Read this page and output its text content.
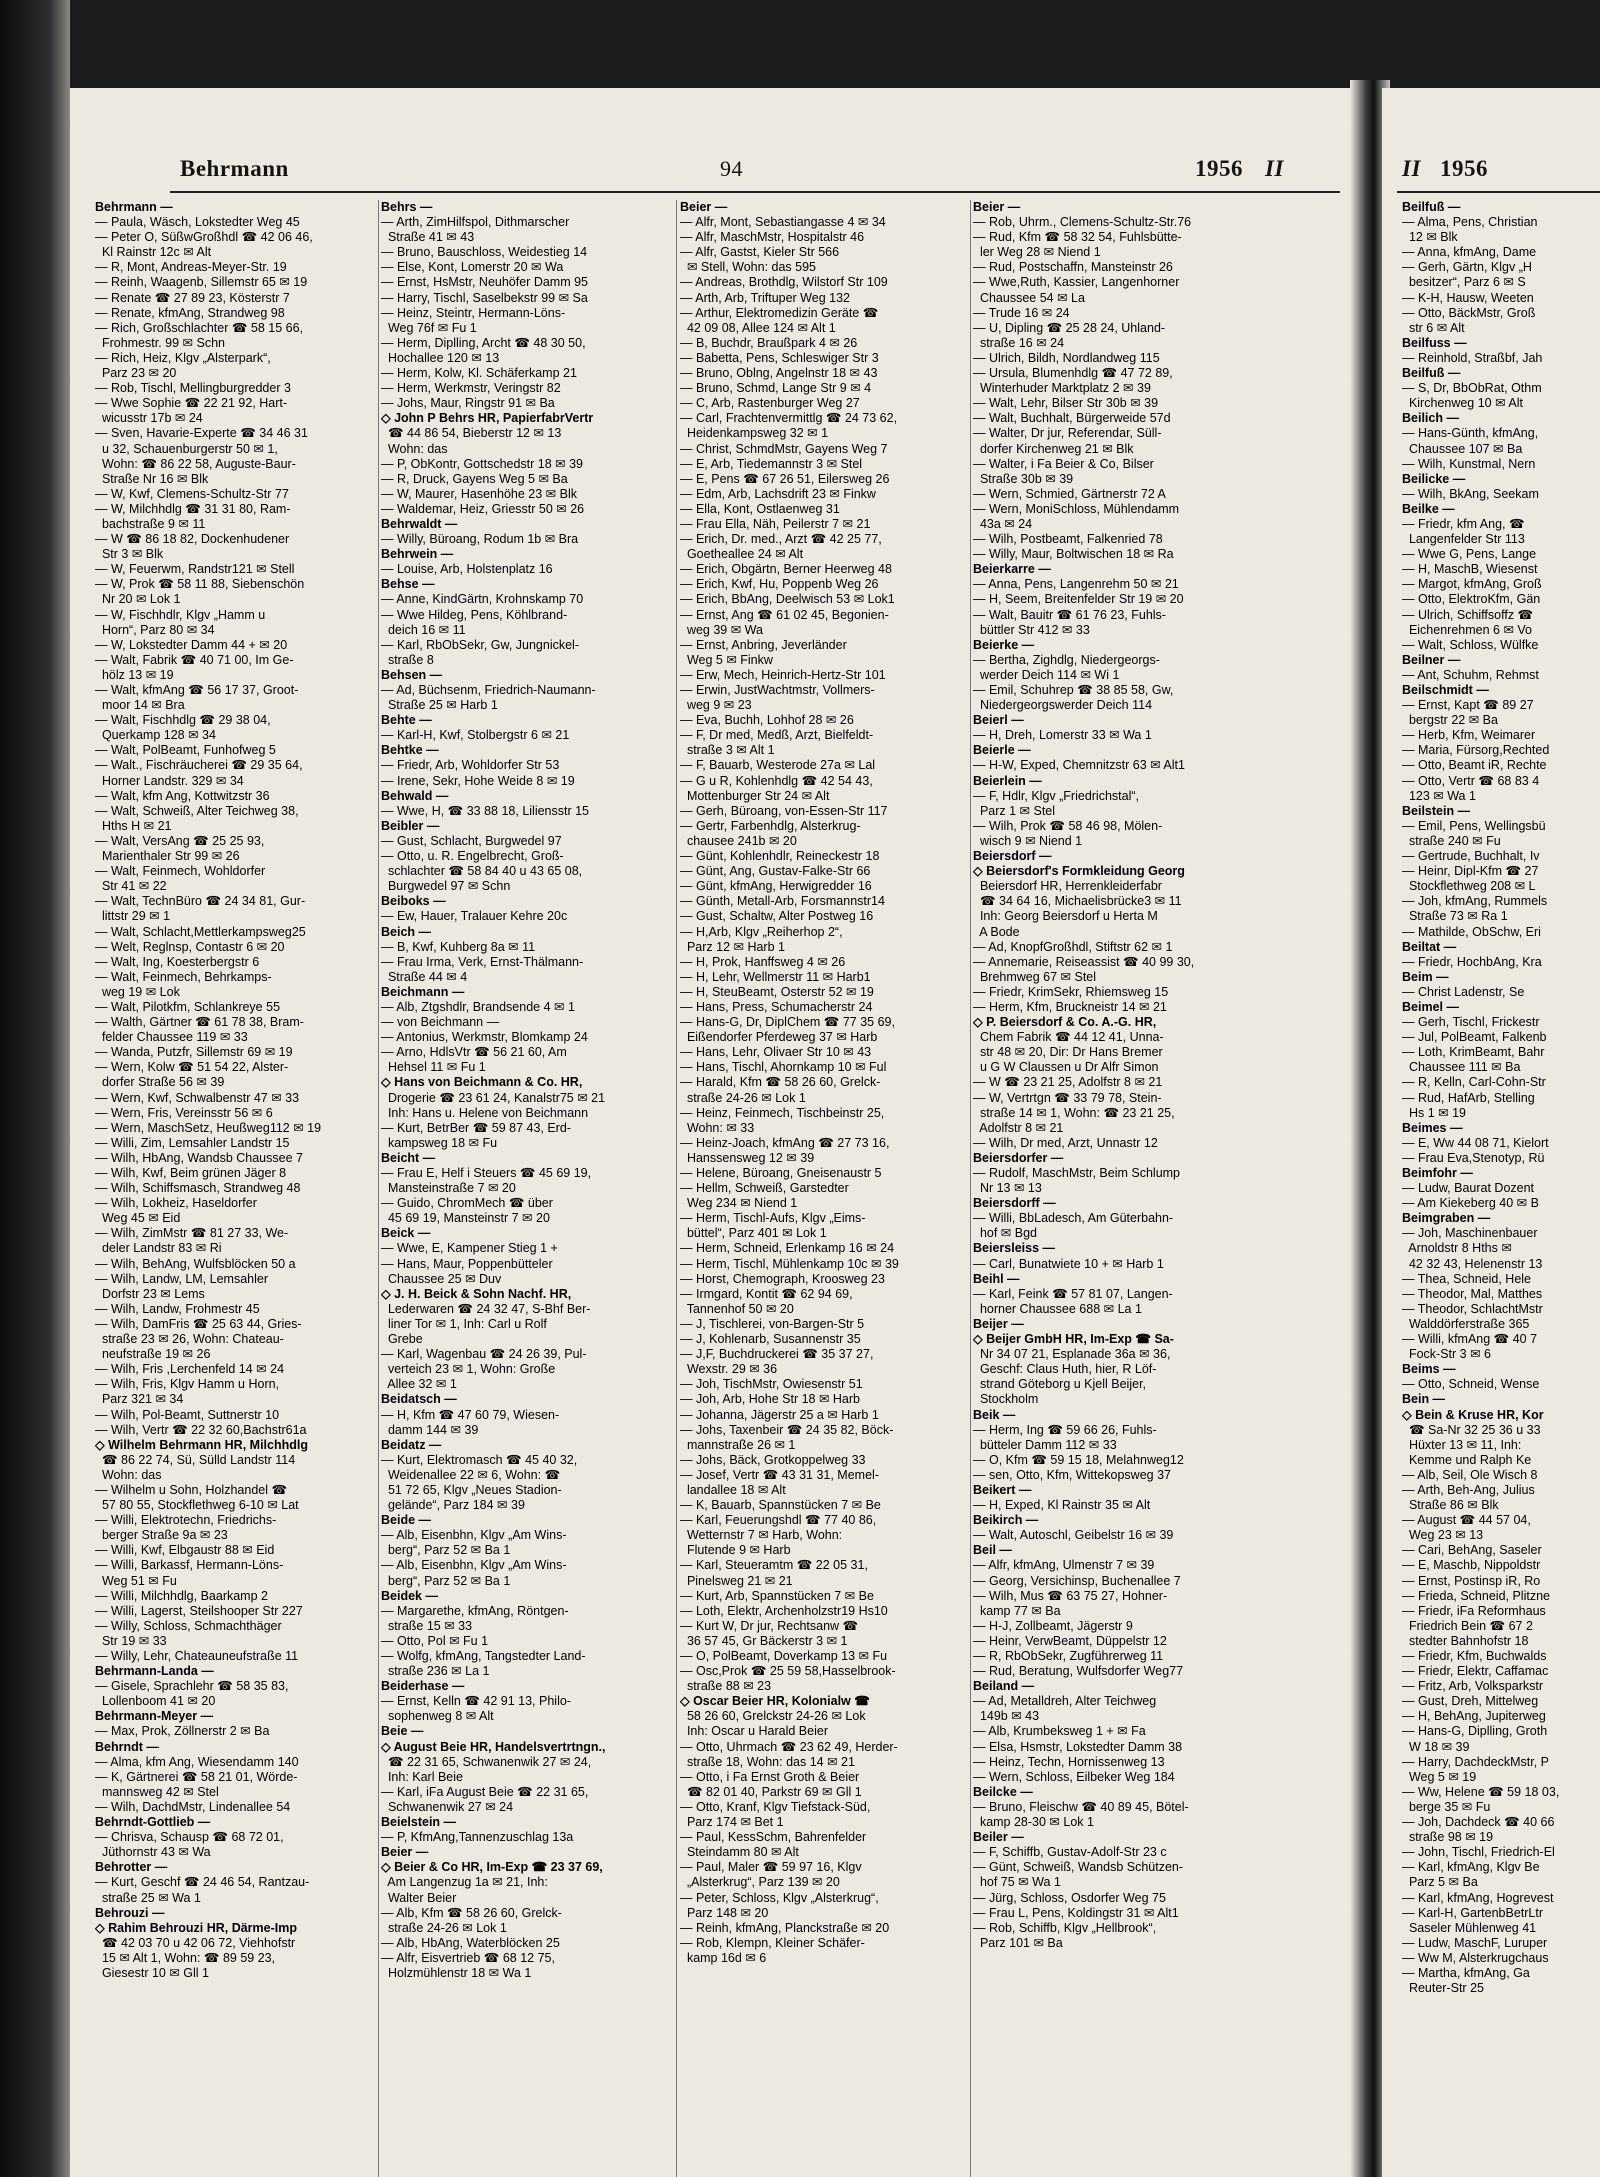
Behrmann	94	1956 II	II 1956
Behrmann —
— Paula, Wäsch, Lokstedter Weg 45
— Peter O, SüßwGroßhdl ☎ 42 06 46,
Kl Rainstr 12c ✉ Alt
— R, Mont, Andreas-Meyer-Str. 19
— Reinh, Waagenb, Sillemstr 65 ✉ 19
— Renate ☎ 27 89 23, Kösterstr 7
— Renate, kfmAng, Strandweg 98
— Rich, Großschlachter ☎ 58 15 66,
Frohmestr. 99 ✉ Schn
— Rich, Heiz, Klgv „Alsterpark“,
Parz 23 ✉ 20
— Rob, Tischl, Mellingburgredder 3
— Wwe Sophie ☎ 22 21 92, Hart-
wicusstr 17b ✉ 24
— Sven, Havarie-Experte ☎ 34 46 31
u 32, Schauenburgerstr 50 ✉ 1,
Wohn: ☎ 86 22 58, Auguste-Baur-
Straße Nr 16 ✉ Blk
— W, Kwf, Clemens-Schultz-Str 77
— W, Milchhdlg ☎ 31 31 80, Ram-
bachstraße 9 ✉ 11
— W ☎ 86 18 82, Dockenhudener
Str 3 ✉ Blk
— W, Feuerwm, Randstr121 ✉ Stell
— W, Prok ☎ 58 11 88, Siebenschön
Nr 20 ✉ Lok 1
— W, Fischhdlr, Klgv „Hamm u
Horn“, Parz 80 ✉ 34
— W, Lokstedter Damm 44 + ✉ 20
— Walt, Fabrik ☎ 40 71 00, Im Ge-
hölz 13 ✉ 19
— Walt, kfmAng ☎ 56 17 37, Groot-
moor 14 ✉ Bra
— Walt, Fischhdlg ☎ 29 38 04,
Querkamp 128 ✉ 34
— Walt, PolBeamt, Funhofweg 5
— Walt., Fischräucherei ☎ 29 35 64,
Horner Landstr. 329 ✉ 34
— Walt, kfm Ang, Kottwitzstr 36
— Walt, Schweiß, Alter Teichweg 38,
Hths H ✉ 21
— Walt, VersAng ☎ 25 25 93,
Marienthaler Str 99 ✉ 26
— Walt, Feinmech, Wohldorfer
Str 41 ✉ 22
— Walt, TechnBüro ☎ 24 34 81, Gur-
littstr 29 ✉ 1
— Walt, Schlacht,Mettlerkampsweg25
— Welt, Reglnsp, Contastr 6 ✉ 20
— Walt, Ing, Koesterbergstr 6
— Walt, Feinmech, Behrkamps-
weg 19 ✉ Lok
— Walt, Pilotkfm, Schlankreye 55
— Walth, Gärtner ☎ 61 78 38, Bram-
felder Chaussee 119 ✉ 33
— Wanda, Putzfr, Sillemstr 69 ✉ 19
— Wern, Kolw ☎ 51 54 22, Alster-
dorfer Straße 56 ✉ 39
— Wern, Kwf, Schwalbenstr 47 ✉ 33
— Wern, Fris, Vereinsstr 56 ✉ 6
— Wern, MaschSetz, Heußweg112 ✉ 19
— Willi, Zim, Lemsahler Landstr 15
— Wilh, HbAng, Wandsb Chaussee 7
— Wilh, Kwf, Beim grünen Jäger 8
— Wilh, Schiffsmasch, Strandweg 48
— Wilh, Lokheiz, Haseldorfer
Weg 45 ✉ Eid
— Wilh, ZimMstr ☎ 81 27 33, We-
deler Landstr 83 ✉ Ri
— Wilh, BehAng, Wulfsblöcken 50 a
— Wilh, Landw, LM, Lemsahler
Dorfstr 23 ✉ Lems
— Wilh, Landw, Frohmestr 45
— Wilh, DamFris ☎ 25 63 44, Gries-
straße 23 ✉ 26, Wohn: Chateau-
neufstraße 19 ✉ 26
— Wilh, Fris ,Lerchenfeld 14 ✉ 24
— Wilh, Fris, Klgv Hamm u Horn,
Parz 321 ✉ 34
— Wilh, Pol-Beamt, Suttnerstr 10
— Wilh, Vertr ☎ 22 32 60,Bachstr61a
◇ Wilhelm Behrmann HR, Milchhdlg
☎ 86 22 74, Sü, Sülld Landstr 114
Wohn: das
— Wilhelm u Sohn, Holzhandel ☎
57 80 55, Stockflethweg 6-10 ✉ Lat
— Willi, Elektrotechn, Friedrichs-
berger Straße 9a ✉ 23
— Willi, Kwf, Elbgaustr 88 ✉ Eid
— Willi, Barkassf, Hermann-Löns-
Weg 51 ✉ Fu
— Willi, Milchhdlg, Baarkamp 2
— Willi, Lagerst, Steilshooper Str 227
— Willy, Schloss, Schmachthäger
Str 19 ✉ 33
— Willy, Lehr, Chateauneufstraße 11
Behrmann-Landa —
— Gisele, Sprachlehr ☎ 58 35 83,
Lollenboom 41 ✉ 20
Behrmann-Meyer —
— Max, Prok, Zöllnerstr 2 ✉ Ba
Behrndt —
— Alma, kfm Ang, Wiesendamm 140
— K, Gärtnerei ☎ 58 21 01, Wörde-
mannsweg 42 ✉ Stel
— Wilh, DachdMstr, Lindenallee 54
Behrndt-Gottlieb —
— Chrisva, Schausp ☎ 68 72 01,
Jüthornstr 43 ✉ Wa
Behrotter —
— Kurt, Geschf ☎ 24 46 54, Rantzau-
straße 25 ✉ Wa 1
Behrouzi —
◇ Rahim Behrouzi HR, Därme-Imp
☎ 42 03 70 u 42 06 72, Viehhofstr
15 ✉ Alt 1, Wohn: ☎ 89 59 23,
Giesestr 10 ✉ Gll 1
Behrs —
— Arth, ZimHilfspol, Dithmarscher
Straße 41 ✉ 43
— Bruno, Bauschloss, Weidestieg 14
— Else, Kont, Lomerstr 20 ✉ Wa
— Ernst, HsMstr, Neuhöfer Damm 95
— Harry, Tischl, Saselbekstr 99 ✉ Sa
— Heinz, Steintr, Hermann-Löns-
Weg 76f ✉ Fu 1
— Herm, Diplling, Archt ☎ 48 30 50,
Hochallee 120 ✉ 13
— Herm, Kolw, Kl. Schäferkamp 21
— Herm, Werkmstr, Veringstr 82
— Johs, Maur, Ringstr 91 ✉ Ba
◇ John P Behrs HR, PapierfabrVertr
☎ 44 86 54, Bieberstr 12 ✉ 13
Wohn: das
— P, ObKontr, Gottschedstr 18 ✉ 39
— R, Druck, Gayens Weg 5 ✉ Ba
— W, Maurer, Hasenhöhe 23 ✉ Blk
— Waldemar, Heiz, Griesstr 50 ✉ 26
Behrwaldt —
— Willy, Büroang, Rodum 1b ✉ Bra
Behrwein —
— Louise, Arb, Holstenplatz 16
Behse —
— Anne, KindGärtn, Krohnskamp 70
— Wwe Hildeg, Pens, Köhlbrand-
deich 16 ✉ 11
— Karl, RbObSekr, Gw, Jungnickel-
straße 8
Behsen —
— Ad, Büchsenm, Friedrich-Naumann-
Straße 25 ✉ Harb 1
Behte —
— Karl-H, Kwf, Stolbergstr 6 ✉ 21
Behtke —
— Friedr, Arb, Wohldorfer Str 53
— Irene, Sekr, Hohe Weide 8 ✉ 19
Behwald —
— Wwe, H, ☎ 33 88 18, Liliensstr 15
Beibler —
— Gust, Schlacht, Burgwedel 97
— Otto, u. R. Engelbrecht, Groß-
schlachter ☎ 58 84 40 u 43 65 08,
Burgwedel 97 ✉ Schn
Beiboks —
— Ew, Hauer, Tralauer Kehre 20c
Beich —
— B, Kwf, Kuhberg 8a ✉ 11
— Frau Irma, Verk, Ernst-Thälmann-
Straße 44 ✉ 4
Beichmann —
— Alb, Ztgshdlr, Brandsende 4 ✉ 1
— von Beichmann —
— Antonius, Werkmstr, Blomkamp 24
— Arno, HdlsVtr ☎ 56 21 60, Am
Hehsel 11 ✉ Fu 1
◇ Hans von Beichmann & Co. HR,
Drogerie ☎ 23 61 24, Kanalstr75 ✉ 21
Inh: Hans u. Helene von Beichmann
— Kurt, BetrBer ☎ 59 87 43, Erd-
kampsweg 18 ✉ Fu
Beicht —
— Frau E, Helf i Steuers ☎ 45 69 19,
Mansteinstraße 7 ✉ 20
— Guido, ChromMech ☎ über
45 69 19, Mansteinstr 7 ✉ 20
Beick —
— Wwe, E, Kampener Stieg 1 +
— Hans, Maur, Poppenbütteler
Chaussee 25 ✉ Duv
◇ J. H. Beick & Sohn Nachf. HR,
Lederwaren ☎ 24 32 47, S-Bhf Ber-
liner Tor ✉ 1, Inh: Carl u Rolf
Grebe
— Karl, Wagenbau ☎ 24 26 39, Pul-
verteich 23 ✉ 1, Wohn: Große
Allee 32 ✉ 1
Beidatsch —
— H, Kfm ☎ 47 60 79, Wiesen-
damm 144 ✉ 39
Beidatz —
— Kurt, Elektromasch ☎ 45 40 32,
Weidenallee 22 ✉ 6, Wohn: ☎
51 72 65, Klgv „Neues Stadion-
gelände“, Parz 184 ✉ 39
Beide —
— Alb, Eisenbhn, Klgv „Am Wins-
berg“, Parz 52 ✉ Ba 1
— Alb, Eisenbhn, Klgv „Am Wins-
berg“, Parz 52 ✉ Ba 1
Beidek —
— Margarethe, kfmAng, Röntgen-
straße 15 ✉ 33
— Otto, Pol ✉ Fu 1
— Wolfg, kfmAng, Tangstedter Land-
straße 236 ✉ La 1
Beiderhase —
— Ernst, Kelln ☎ 42 91 13, Philo-
sophenweg 8 ✉ Alt
Beie —
◇ August Beie HR, Handelsvertrtngn.,
☎ 22 31 65, Schwanenwik 27 ✉ 24,
Inh: Karl Beie
— Karl, iFa August Beie ☎ 22 31 65,
Schwanenwik 27 ✉ 24
Beielstein —
— P, KfmAng,Tannenzuschlag 13a
Beier —
◇ Beier & Co HR, Im-Exp ☎ 23 37 69,
Am Langenzug 1a ✉ 21, Inh:
Walter Beier
— Alb, Kfm ☎ 58 26 60, Grelck-
straße 24-26 ✉ Lok 1
— Alb, HbAng, Waterblöcken 25
— Alfr, Eisvertrieb ☎ 68 12 75,
Holzmühlenstr 18 ✉ Wa 1
Beier —
— Alfr, Mont, Sebastiangasse 4 ✉ 34
— Alfr, MaschMstr, Hospitalstr 46
— Alfr, Gastst, Kieler Str 566
✉ Stell, Wohn: das 595
— Andreas, Brothdlg, Wilstorf Str 109
— Arth, Arb, Triftuper Weg 132
— Arthur, Elektromedizin Geräte ☎
42 09 08, Allee 124 ✉ Alt 1
— B, Buchdr, Braußpark 4 ✉ 26
— Babetta, Pens, Schleswiger Str 3
— Bruno, Oblng, Angelnstr 18 ✉ 43
— Bruno, Schmd, Lange Str 9 ✉ 4
— C, Arb, Rastenburger Weg 27
— Carl, Frachtenvermittlg ☎ 24 73 62,
Heidenkampsweg 32 ✉ 1
— Christ, SchmdMstr, Gayens Weg 7
— E, Arb, Tiedemannstr 3 ✉ Stel
— E, Pens ☎ 67 26 51, Eilersweg 26
— Edm, Arb, Lachsdrift 23 ✉ Finkw
— Ella, Kont, Ostlaenweg 31
— Frau Ella, Näh, Peilerstr 7 ✉ 21
— Erich, Dr. med., Arzt ☎ 42 25 77,
Goetheallee 24 ✉ Alt
— Erich, Obgärtn, Berner Heerweg 48
— Erich, Kwf, Hu, Poppenb Weg 26
— Erich, BbAng, Deelwisch 53 ✉ Lok1
— Ernst, Ang ☎ 61 02 45, Begonien-
weg 39 ✉ Wa
— Ernst, Anbring, Jeverländer
Weg 5 ✉ Finkw
— Erw, Mech, Heinrich-Hertz-Str 101
— Erwin, JustWachtmstr, Vollmers-
weg 9 ✉ 23
— Eva, Buchh, Lohhof 28 ✉ 26
— F, Dr med, Medß, Arzt, Bielfeldt-
straße 3 ✉ Alt 1
— F, Bauarb, Westerode 27a ✉ Lal
— G u R, Kohlenhdlg ☎ 42 54 43,
Mottenburger Str 24 ✉ Alt
— Gerh, Büroang, von-Essen-Str 117
— Gertr, Farbenhdlg, Alsterkrug-
chausee 241b ✉ 20
— Günt, Kohlenhdlr, Reineckestr 18
— Günt, Ang, Gustav-Falke-Str 66
— Günt, kfmAng, Herwigredder 16
— Günth, Metall-Arb, Forsmannstr14
— Gust, Schaltw, Alter Postweg 16
— H,Arb, Klgv „Reiherhop 2“,
Parz 12 ✉ Harb 1
— H, Prok, Hanffsweg 4 ✉ 26
— H, Lehr, Wellmerstr 11 ✉ Harb1
— H, SteuBeamt, Osterstr 52 ✉ 19
— Hans, Press, Schumacherstr 24
— Hans-G, Dr, DiplChem ☎ 77 35 69,
Eißendorfer Pferdeweg 37 ✉ Harb
— Hans, Lehr, Olivaer Str 10 ✉ 43
— Hans, Tischl, Ahornkamp 10 ✉ Ful
— Harald, Kfm ☎ 58 26 60, Grelck-
straße 24-26 ✉ Lok 1
— Heinz, Feinmech, Tischbeinstr 25,
Wohn: ✉ 33
— Heinz-Joach, kfmAng ☎ 27 73 16,
Hanssensweg 12 ✉ 39
— Helene, Büroang, Gneisenaustr 5
— Hellm, Schweiß, Garstedter
Weg 234 ✉ Niend 1
— Herm, Tischl-Aufs, Klgv „Eims-
büttel“, Parz 401 ✉ Lok 1
— Herm, Schneid, Erlenkamp 16 ✉ 24
— Herm, Tischl, Mühlenkamp 10c ✉ 39
— Horst, Chemograph, Kroosweg 23
— Irmgard, Kontit ☎ 62 94 69,
Tannenhof 50 ✉ 20
— J, Tischlerei, von-Bargen-Str 5
— J, Kohlenarb, Susannenstr 35
— J,F, Buchdruckerei ☎ 35 37 27,
Wexstr. 29 ✉ 36
— Joh, TischMstr, Owiesenstr 51
— Joh, Arb, Hohe Str 18 ✉ Harb
— Johanna, Jägerstr 25 a ✉ Harb 1
— Johs, Taxenbeir ☎ 24 35 82, Böck-
mannstraße 26 ✉ 1
— Johs, Bäck, Grotkoppelweg 33
— Josef, Vertr ☎ 43 31 31, Memel-
landallee 18 ✉ Alt
— K, Bauarb, Spannstücken 7 ✉ Be
— Karl, Feuerungshdl ☎ 77 40 86,
Wetternstr 7 ✉ Harb, Wohn:
Flutende 9 ✉ Harb
— Karl, Steueramtm ☎ 22 05 31,
Pinelsweg 21 ✉ 21
— Kurt, Arb, Spannstücken 7 ✉ Be
— Loth, Elektr, Archenholzstr19 Hs10
— Kurt W, Dr jur, Rechtsanw ☎
36 57 45, Gr Bäckerstr 3 ✉ 1
— O, PolBeamt, Doverkamp 13 ✉ Fu
— Osc,Prok ☎ 25 59 58,Hasselbrook-
straße 88 ✉ 23
◇ Oscar Beier HR, Kolonialw ☎
58 26 60, Grelckstr 24-26 ✉ Lok
Inh: Oscar u Harald Beier
— Otto, Uhrmach ☎ 23 62 49, Herder-
straße 18, Wohn: das 14 ✉ 21
— Otto, i Fa Ernst Groth & Beier
☎ 82 01 40, Parkstr 69 ✉ Gll 1
— Otto, Kranf, Klgv Tiefstack-Süd,
Parz 174 ✉ Bet 1
— Paul, KessSchm, Bahrenfelder
Steindamm 80 ✉ Alt
— Paul, Maler ☎ 59 97 16, Klgv
„Alsterkrug“, Parz 139 ✉ 20
— Peter, Schloss, Klgv „Alsterkrug“,
Parz 148 ✉ 20
— Reinh, kfmAng, Planckstraße ✉ 20
— Rob, Klempn, Kleiner Schäfer-
kamp 16d ✉ 6
Beier —
— Rob, Uhrm., Clemens-Schultz-Str.76
— Rud, Kfm ☎ 58 32 54, Fuhlsbütte-
ler Weg 28 ✉ Niend 1
— Rud, Postschaffn, Mansteinstr 26
— Wwe,Ruth, Kassier, Langenhorner
Chaussee 54 ✉ La
— Trude 16 ✉ 24
— U, Dipling ☎ 25 28 24, Uhland-
straße 16 ✉ 24
— Ulrich, Bildh, Nordlandweg 115
— Ursula, Blumenhdlg ☎ 47 72 89,
Winterhuder Marktplatz 2 ✉ 39
— Walt, Lehr, Bilser Str 30b ✉ 39
— Walt, Buchhalt, Bürgerweide 57d
— Walter, Dr jur, Referendar, Süll-
dorfer Kirchenweg 21 ✉ Blk
— Walter, i Fa Beier & Co, Bilser
Straße 30b ✉ 39
— Wern, Schmied, Gärtnerstr 72 A
— Wern, MoniSchloss, Mühlendamm
43a ✉ 24
— Wilh, Postbeamt, Falkenried 78
— Willy, Maur, Boltwischen 18 ✉ Ra
Beierkarre —
— Anna, Pens, Langenrehm 50 ✉ 21
— H, Seem, Breitenfelder Str 19 ✉ 20
— Walt, Bauitr ☎ 61 76 23, Fuhls-
büttler Str 412 ✉ 33
Beierke —
— Bertha, Zighdlg, Niedergeorgs-
werder Deich 114 ✉ Wi 1
— Emil, Schuhrep ☎ 38 85 58, Gw,
Niedergeorgswerder Deich 114
Beierl —
— H, Dreh, Lomerstr 33 ✉ Wa 1
Beierle —
— H-W, Exped, Chemnitzstr 63 ✉ Alt1
Beierlein —
— F, Hdlr, Klgv „Friedrichstal“,
Parz 1 ✉ Stel
— Wilh, Prok ☎ 58 46 98, Mölen-
wisch 9 ✉ Niend 1
Beiersdorf —
◇ Beiersdorf's Formkleidung Georg
Beiersdorf HR, Herrenkleiderfabr
☎ 34 64 16, Michaelisbrücke3 ✉ 11
Inh: Georg Beiersdorf u Herta M
A Bode
— Ad, KnopfGroßhdl, Stiftstr 62 ✉ 1
— Annemarie, Reiseassist ☎ 40 99 30,
Brehmweg 67 ✉ Stel
— Friedr, KrimSekr, Rhiemsweg 15
— Herm, Kfm, Bruckneistr 14 ✉ 21
◇ P. Beiersdorf & Co. A.-G. HR,
Chem Fabrik ☎ 44 12 41, Unna-
str 48 ✉ 20, Dir: Dr Hans Bremer
u G W Claussen u Dr Alfr Simon
— W ☎ 23 21 25, Adolfstr 8 ✉ 21
— W, Vertrtgn ☎ 33 79 78, Stein-
straße 14 ✉ 1, Wohn: ☎ 23 21 25,
Adolfstr 8 ✉ 21
— Wilh, Dr med, Arzt, Unnastr 12
Beiersdorfer —
— Rudolf, MaschMstr, Beim Schlump
Nr 13 ✉ 13
Beiersdorff —
— Willi, BbLadesch, Am Güterbahn-
hof ✉ Bgd
Beiersleiss —
— Carl, Bunatwiete 10 + ✉ Harb 1
Beihl —
— Karl, Feink ☎ 57 81 07, Langen-
horner Chaussee 688 ✉ La 1
Beijer —
◇ Beijer GmbH HR, Im-Exp ☎ Sa-
Nr 34 07 21, Esplanade 36a ✉ 36,
Geschf: Claus Huth, hier, R Löf-
strand Göteborg u Kjell Beijer,
Stockholm
Beik —
— Herm, Ing ☎ 59 66 26, Fuhls-
bütteler Damm 112 ✉ 33
— O, Kfm ☎ 59 15 18, Melahnweg12
— sen, Otto, Kfm, Wittekopsweg 37
Beikert —
— H, Exped, Kl Rainstr 35 ✉ Alt
Beikirch —
— Walt, Autoschl, Geibelstr 16 ✉ 39
Beil —
— Alfr, kfmAng, Ulmenstr 7 ✉ 39
— Georg, Versichinsp, Buchenallee 7
— Wilh, Mus ☎ 63 75 27, Hohner-
kamp 77 ✉ Ba
— H-J, Zollbeamt, Jägerstr 9
— Heinr, VerwBeamt, Düppelstr 12
— R, RbObSekr, Zugführerweg 11
— Rud, Beratung, Wulfsdorfer Weg77
Beiland —
— Ad, Metalldreh, Alter Teichweg
149b ✉ 43
— Alb, Krumbeksweg 1 + ✉ Fa
— Elsa, Hsmstr, Lokstedter Damm 38
— Heinz, Techn, Hornissenweg 13
— Wern, Schloss, Eilbeker Weg 184
Beilcke —
— Bruno, Fleischw ☎ 40 89 45, Bötel-
kamp 28-30 ✉ Lok 1
Beiler —
— F, Schiffb, Gustav-Adolf-Str 23 c
— Günt, Schweiß, Wandsb Schützen-
hof 75 ✉ Wa 1
— Jürg, Schloss, Osdorfer Weg 75
— Frau L, Pens, Koldingstr 31 ✉ Alt1
— Rob, Schiffb, Klgv „Hellbrook“,
Parz 101 ✉ Ba
Beilfuß —
— Alma, Pens, Christian
12 ✉ Blk
— Anna, kfmAng, Dame
— Gerh, Gärtn, Klgv „H
besitzer“, Parz 6 ✉ S
— K-H, Hausw, Weeten
— Otto, BäckMstr, Groß
str 6 ✉ Alt
Beilfuss —
— Reinhold, Straßbf, Jah
Beilfuß —
— S, Dr, BbObRat, Othm
Kirchenweg 10 ✉ Alt
Beilich —
— Hans-Günth, kfmAng,
Chaussee 107 ✉ Ba
— Wilh, Kunstmal, Nern
Beilicke —
— Wilh, BkAng, Seekam
Beilke —
— Friedr, kfm Ang, ☎
Langenfelder Str 113
— Wwe G, Pens, Lange
— H, MaschB, Wiesenst
— Margot, kfmAng, Groß
— Otto, ElektroKfm, Gän
— Ulrich, Schiffsoffz ☎
Eichenrehmen 6 ✉ Vo
— Walt, Schloss, Wülfke
Beilner —
— Ant, Schuhm, Rehmst
Beilschmidt —
— Ernst, Kapt ☎ 89 27
bergstr 22 ✉ Ba
— Herb, Kfm, Weimarer
— Maria, Fürsorg,Rechted
— Otto, Beamt iR, Rechte
— Otto, Vertr ☎ 68 83 4
123 ✉ Wa 1
Beilstein —
— Emil, Pens, Wellingsbü
straße 240 ✉ Fu
— Gertrude, Buchhalt, Iv
— Heinr, Dipl-Kfm ☎ 27
Stockflethweg 208 ✉ L
— Joh, kfmAng, Rummels
Straße 73 ✉ Ra 1
— Mathilde, ObSchw, Eri
Beiltat —
— Friedr, HochbAng, Kra
Beim —
— Christ Ladenstr, Se
Beimel —
— Gerh, Tischl, Frickestr
— Jul, PolBeamt, Falkenb
— Loth, KrimBeamt, Bahr
Chaussee 111 ✉ Ba
— R, Kelln, Carl-Cohn-Str
— Rud, HafArb, Stelling
Hs 1 ✉ 19
Beimes —
— E, Ww 44 08 71, Kielort
— Frau Eva,Stenotyp, Rü
Beimfohr —
— Ludw, Baurat Dozent
— Am Kiekeberg 40 ✉ B
Beimgraben —
— Joh, Maschinenbauer
Arnoldstr 8 Hths ✉
42 32 43, Helenenstr 13
— Thea, Schneid, Hele
— Theodor, Mal, Matthes
— Theodor, SchlachtMstr
Walddörferstraße 365
— Willi, kfmAng ☎ 40 7
Fock-Str 3 ✉ 6
Beims —
— Otto, Schneid, Wense
Bein —
◇ Bein & Kruse HR, Kor
☎ Sa-Nr 32 25 36 u 33
Hüxter 13 ✉ 11, Inh:
Kemme und Ralph Ke
— Alb, Seil, Ole Wisch 8
— Arth, Beh-Ang, Julius
Straße 86 ✉ Blk
— August ☎ 44 57 04,
Weg 23 ✉ 13
— Cari, BehAng, Saseler
— E, Maschb, Nippoldstr
— Ernst, Postinsp iR, Ro
— Frieda, Schneid, Plitzne
— Friedr, iFa Reformhaus
Friedrich Bein ☎ 67 2
stedter Bahnhofstr 18
— Friedr, Kfm, Buchwalds
— Friedr, Elektr, Caffamac
— Fritz, Arb, Volksparkstr
— Gust, Dreh, Mittelweg
— H, BehAng, Jupiterweg
— Hans-G, Diplling, Groth
W 18 ✉ 39
— Harry, DachdeckMstr, P
Weg 5 ✉ 19
— Ww, Helene ☎ 59 18 03,
berge 35 ✉ Fu
— Joh, Dachdeck ☎ 40 66
straße 98 ✉ 19
— John, Tischl, Friedrich-El
— Karl, kfmAng, Klgv Be
Parz 5 ✉ Ba
— Karl, kfmAng, Hogrevest
— Karl-H, GartenbBetrLtr
Saseler Mühlenweg 41
— Ludw, MaschF, Luruper
— Ww M, Alsterkrugchaus
— Martha, kfmAng, Ga
Reuter-Str 25
